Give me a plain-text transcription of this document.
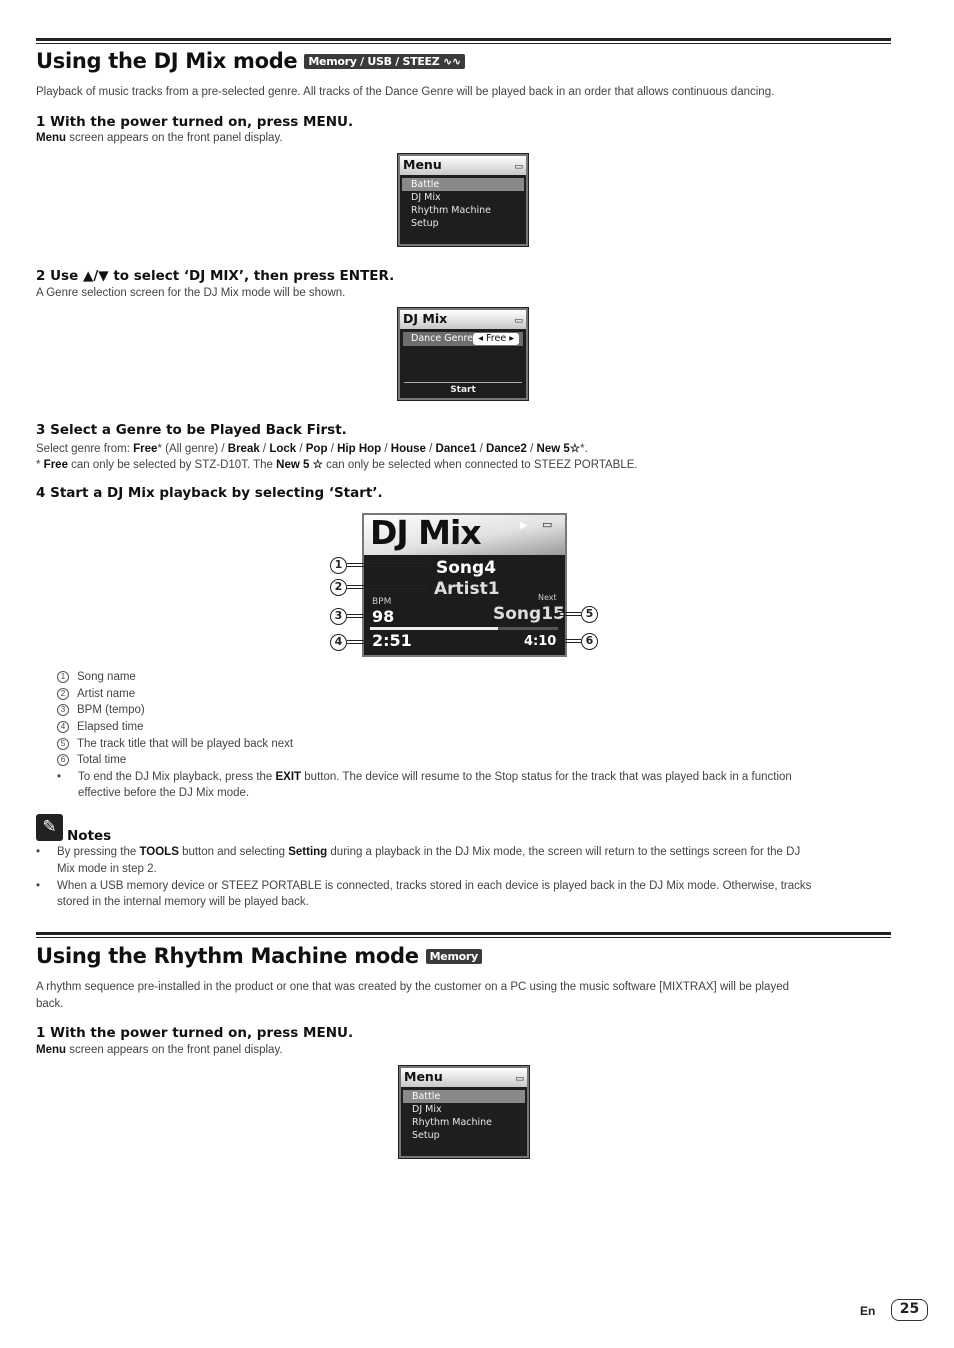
Using the DJ Mix mode Memory / USB / STEEZ ∿∿
Playback of music tracks from a pre-selected genre. All tracks of the Dance Genre will be played back in an order that allows continuous dancing.
1 With the power turned on, press MENU.
Menu screen appears on the front panel display.
Menu	▭
Battle
DJ Mix
Rhythm Machine
Setup
2 Use ▲/▼ to select ‘DJ MIX’, then press ENTER.
A Genre selection screen for the DJ Mix mode will be shown.
DJ Mix	▭
Dance Genre ◂ Free ▸
Start
3 Select a Genre to be Played Back First.
Select genre from: Free* (All genre) / Break / Lock / Pop / Hip Hop / House / Dance1 / Dance2 / New 5☆*.
* Free can only be selected by STZ-D10T. The New 5 ☆ can only be selected when connected to STEEZ PORTABLE.
4 Start a DJ Mix playback by selecting ‘Start’.
DJ Mix	▶ ▭
Song4
Artist1
BPM
98
Next
Song15
2:51	4:10
1
2
3
4
5
6
1 Song name
2 Artist name
3 BPM (tempo)
4 Elapsed time
5 The track title that will be played back next
6 Total time
• To end the DJ Mix playback, press the EXIT button. The device will resume to the Stop status for the track that was played back in a function
effective before the DJ Mix mode.
✎ Notes
• By pressing the TOOLS button and selecting Setting during a playback in the DJ Mix mode, the screen will return to the settings screen for the DJ
Mix mode in step 2.
• When a USB memory device or STEEZ PORTABLE is connected, tracks stored in each device is played back in the DJ Mix mode. Otherwise, tracks
stored in the internal memory will be played back.
Using the Rhythm Machine mode Memory
A rhythm sequence pre-installed in the product or one that was created by the customer on a PC using the music software [MIXTRAX] will be played
back.
1 With the power turned on, press MENU.
Menu screen appears on the front panel display.
Menu	▭
Battle
DJ Mix
Rhythm Machine
Setup
En	25
